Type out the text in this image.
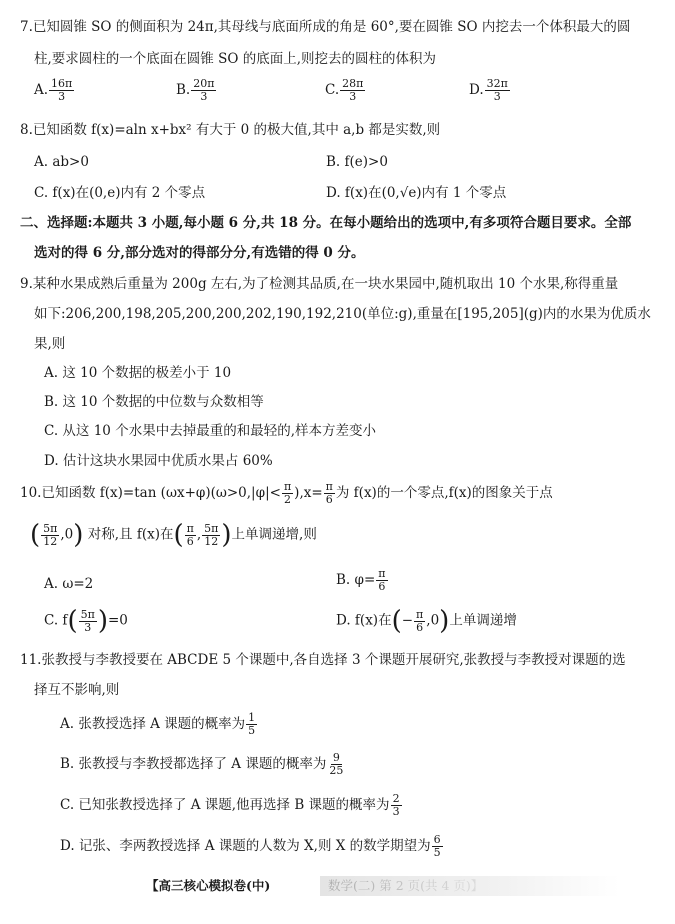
7.已知圆锥 SO 的侧面积为 24π,其母线与底面所成的角是 60°,要在圆锥 SO 内挖去一个体积最大的圆
柱,要求圆柱的一个底面在圆锥 SO 的底面上,则挖去的圆柱的体积为
A. $\frac{16\pi}{3}$	B. $\frac{20\pi}{3}$	C. $\frac{28\pi}{3}$	D. $\frac{32\pi}{3}$
8.已知函数 f(x)=aln x+bx² 有大于 0 的极大值,其中 a,b 都是实数,则
A. ab>0	B. f(e)>0
C. f(x)在(0,e)内有 2 个零点	D. f(x)在(0,√e)内有 1 个零点
二、选择题:本题共 3 小题,每小题 6 分,共 18 分。在每小题给出的选项中,有多项符合题目要求。全部
选对的得 6 分,部分选对的得部分分,有选错的得 0 分。
9.某种水果成熟后重量为 200g 左右,为了检测其品质,在一块水果园中,随机取出 10 个水果,称得重量
如下:206,200,198,205,200,200,202,190,192,210(单位:g),重量在[195,205](g)内的水果为优质水
果,则
A. 这 10 个数据的极差小于 10
B. 这 10 个数据的中位数与众数相等
C. 从这 10 个水果中去掉最重的和最轻的,样本方差变小
D. 估计这块水果园中优质水果占 60%
10.已知函数 f(x)=tan $(\omega x+\varphi)(\omega>0,|\varphi|< \frac{\pi}{2} ),x= \frac{\pi}{6}$ 为 f(x)的一个零点,f(x)的图象关于点
( $\frac{5\pi}{12} ,0$) 对称,且 f(x)在( $\frac{\pi}{6}$ , $\frac{5\pi}{12}$ )上单调递增,则
A. ω=2	B. $\varphi= \frac{\pi}{6}$
C. $f( \frac{5\pi}{3} )=0$	D. f(x)在(− $\frac{\pi}{6} ,0$)上单调递增
11.张教授与李教授要在 ABCDE 5 个课题中,各自选择 3 个课题开展研究,张教授与李教授对课题的选
择互不影响,则
A. 张教授选择 A 课题的概率为 $\frac{1}{5}$
B. 张教授与李教授都选择了 A 课题的概率为 $\frac{9}{25}$
C. 已知张教授选择了 A 课题,他再选择 B 课题的概率为 $\frac{2}{3}$
D. 记张、李两教授选择 A 课题的人数为 X,则 X 的数学期望为 $\frac{6}{5}$
【高三核心模拟卷(中)
